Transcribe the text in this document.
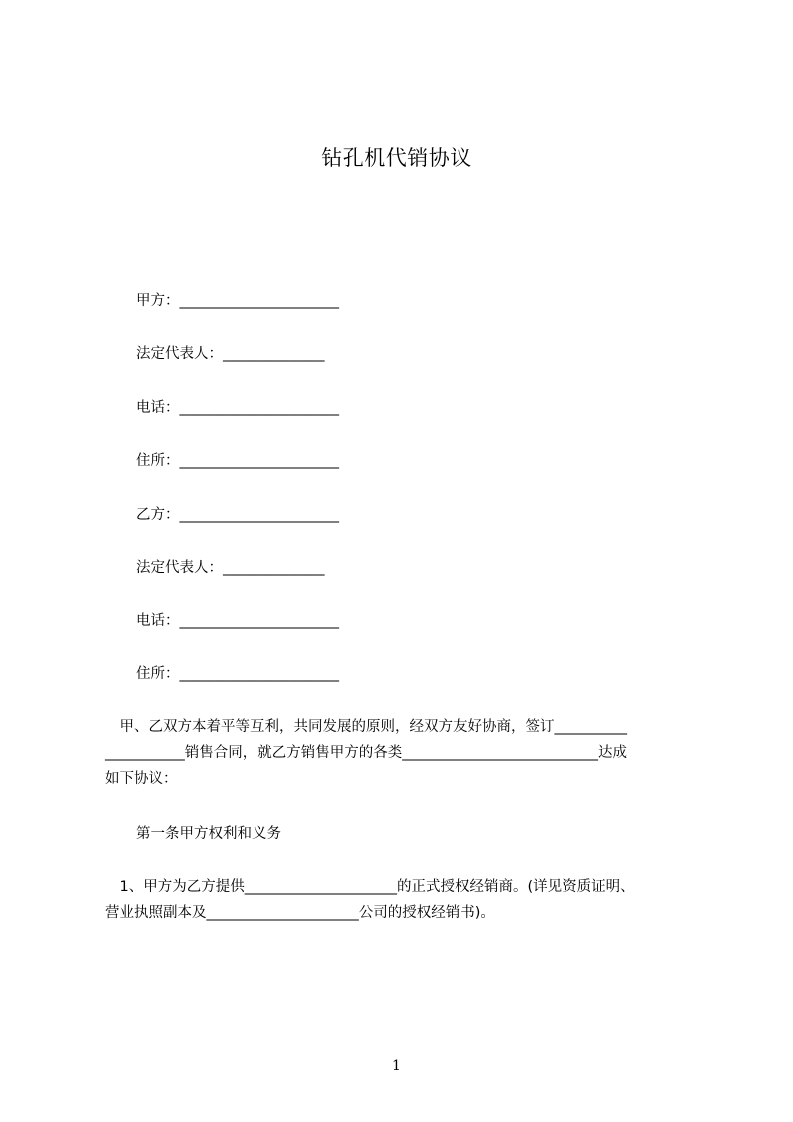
钻孔机代销协议
甲方：______________________
法定代表人：______________
电话：______________________
住所：______________________
乙方：______________________
法定代表人：______________
电话：______________________
住所：______________________
　甲、乙双方本着平等互利，共同发展的原则，经双方友好协商，签订__________
___________销售合同，就乙方销售甲方的各类___________________________达成
如下协议：
第一条甲方权利和义务
　1、甲方为乙方提供_____________________的正式授权经销商。(详见资质证明、
营业执照副本及_____________________公司的授权经销书)。
1
